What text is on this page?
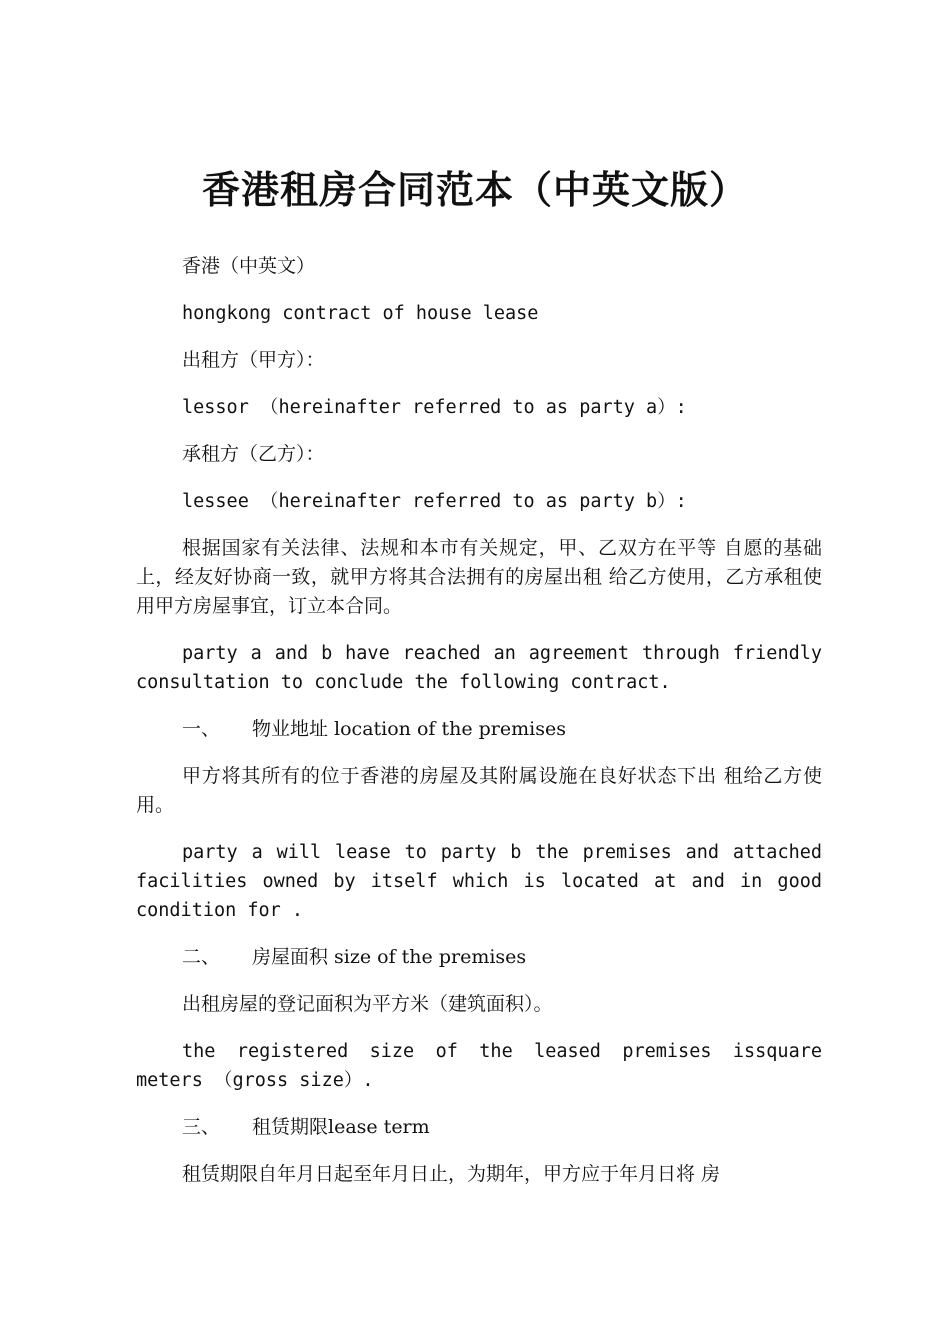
香港租房合同范本（中英文版）

香港（中英文）

hongkong contract of house lease

出租方（甲方）：

lessor （hereinafter referred to as party a）:

承租方（乙方）：

lessee （hereinafter referred to as party b）:

根据国家有关法律、法规和本市有关规定，甲、乙双方在平等 自愿的基础上，经友好协商一致，就甲方将其合法拥有的房屋出租 给乙方使用，乙方承租使用甲方房屋事宜，订立本合同。

party a and b have reached an agreement through friendly consultation to conclude the following contract.

一、 物业地址 location of the premises

甲方将其所有的位于香港的房屋及其附属设施在良好状态下出 租给乙方使用。

party a will lease to party b the premises and attached facilities owned by itself which is located at and in good condition for .

二、 房屋面积 size of the premises

出租房屋的登记面积为平方米（建筑面积）。

the registered size of the leased premises issquare meters （gross size）.

三、 租赁期限lease term

租赁期限自年月日起至年月日止，为期年，甲方应于年月日将 房
